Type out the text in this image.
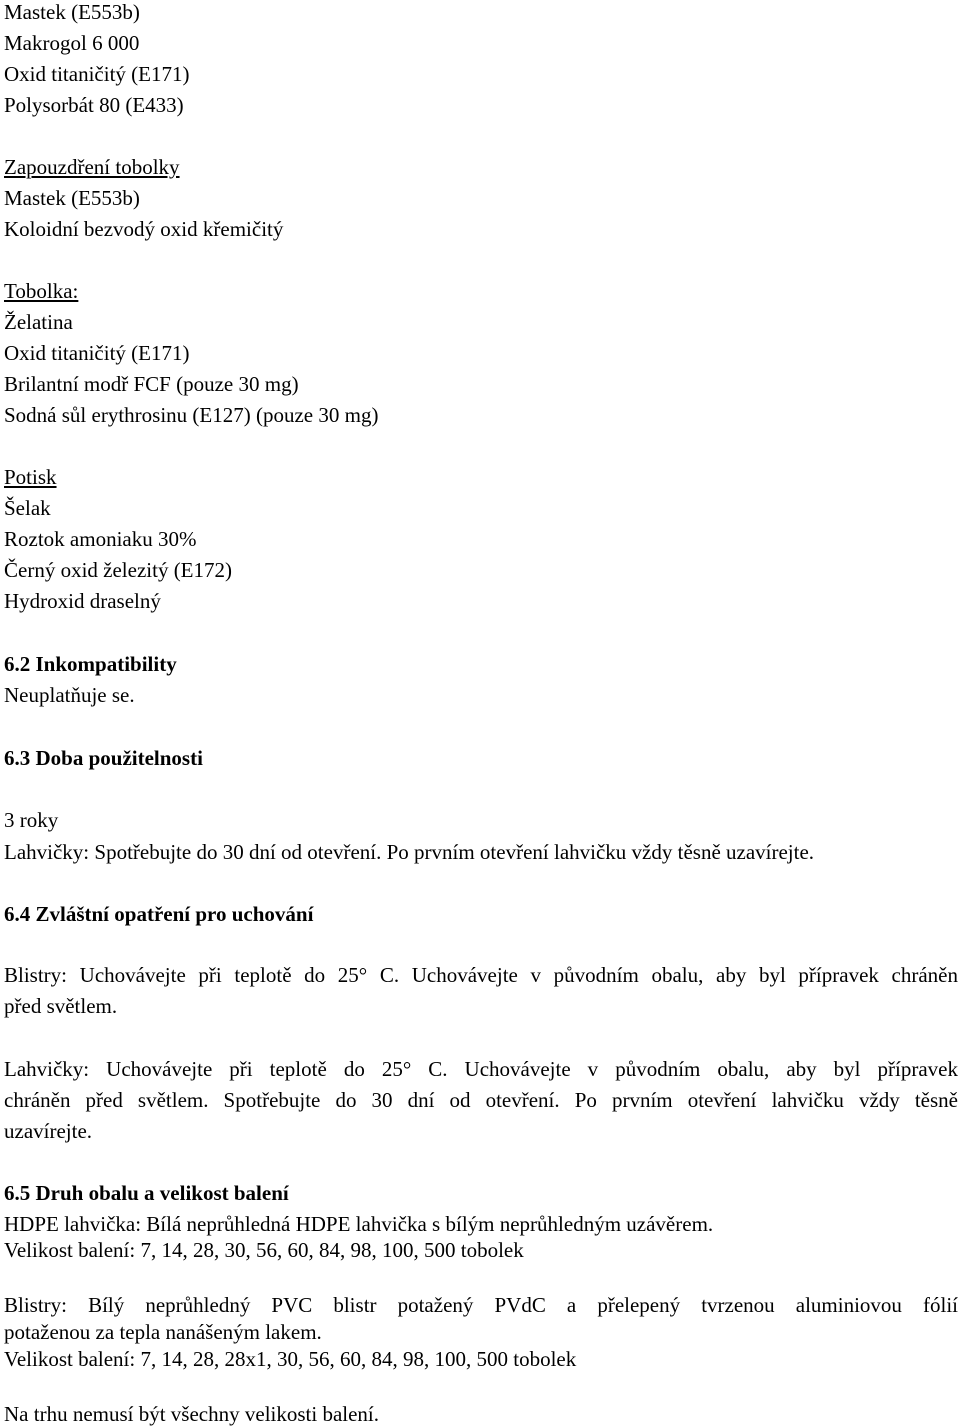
Mastek (E553b)
Makrogol 6 000
Oxid titaničitý (E171)
Polysorbát 80 (E433)
Zapouzdření tobolky
Mastek (E553b)
Koloidní bezvodý oxid křemičitý
Tobolka:
Želatina
Oxid titaničitý (E171)
Brilantní modř FCF (pouze 30 mg)
Sodná sůl erythrosinu (E127) (pouze 30 mg)
Potisk
Šelak
Roztok amoniaku 30%
Černý oxid železitý (E172)
Hydroxid draselný
6.2 Inkompatibility
Neuplatňuje se.
6.3 Doba použitelnosti
3 roky
Lahvičky: Spotřebujte do 30 dní od otevření. Po prvním otevření lahvičku vždy těsně uzavírejte.
6.4 Zvláštní opatření pro uchování
Blistry: Uchovávejte při teplotě do 25° C. Uchovávejte v původním obalu, aby byl přípravek chráněn
před světlem.
Lahvičky: Uchovávejte při teplotě do 25° C. Uchovávejte v původním obalu, aby byl přípravek
chráněn před světlem. Spotřebujte do 30 dní od otevření. Po prvním otevření lahvičku vždy těsně
uzavírejte.
6.5 Druh obalu a velikost balení
HDPE lahvička: Bílá neprůhledná HDPE lahvička s bílým neprůhledným uzávěrem.
Velikost balení: 7, 14, 28, 30, 56, 60, 84, 98, 100, 500 tobolek
Blistry: Bílý neprůhledný PVC blistr potažený PVdC a přelepený tvrzenou aluminiovou fólií
potaženou za tepla nanášeným lakem.
Velikost balení: 7, 14, 28, 28x1, 30, 56, 60, 84, 98, 100, 500 tobolek
Na trhu nemusí být všechny velikosti balení.
